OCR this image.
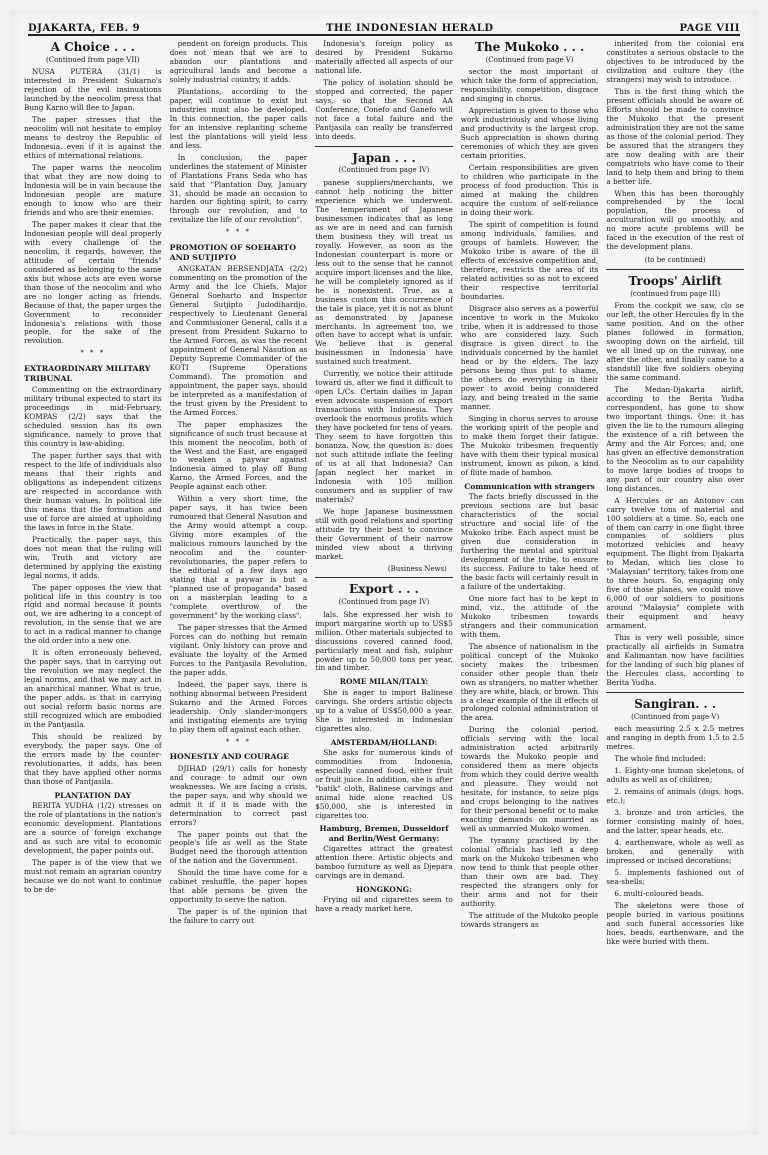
DJAKARTA, FEB. 9	THE INDONESIAN HERALD	PAGE VIII
A Choice . . .
(Continued from page VII)

NUSA PUTERA (31/1) is interested in President Sukarno's rejection of the evil insinuations launched by the neocolim press that Bung Karno will flee to Japan.

The paper stresses that the neocolim will not hesitate to employ means to destroy the Republic of Indonesia, even if it is against the ethics of international relations.

The paper warns the neocolim that what they are now doing to Indonesia will be in vain because the Indonesian people are mature enough to know who are their friends and who are their enemies.

The paper makes it clear that the Indonesian people will deal properly with every challenge of the neocolim, it regards, however, the attitude of certain "friends" considered as belonging to the same axis but whose acts are even worse than those of the neocolim and who are no longer acting as friends. Because of that, the paper urges the Government to reconsider Indonesia's relations with those people, for the sake of the revolution.

* * *
EXTRAORDINARY MILITARY TRIBUNAL

Commenting on the extraordinary military tribunal expected to start its proceedings in mid-February, KOMPAS (2/2) says that the scheduled session has its own significance, namely to prove that this country is law-abiding.

The paper further says that with respect to the life of individuals also means that their rights and obligations as independent citizens are respected in accordance with their human values. In political life this means that the formation and use of force are aimed at upholding the laws in force in the State.

Practically, the paper says, this does not mean that the ruling will win, Truth and victory are determined by applying the existing legal norms, it adds.

The paper opposes the view that political life in this country is too rigid and normal because it points out, we are adhering to a concept of revolution, in the sense that we are to act in a radical manner to change the old order into a new one.

It is often erroneously believed, the paper says, that in carrying out the revolution we may neglect the legal norms, and that we may act in an anarchical manner. What is true, the paper adds, is that in carrying out social reform basic norms are still recognized which are embodied in the Pantjasila.

This should be realized by everybody, the paper says. One of the errors made by the counter-revolutionaries, it adds, has been that they have applied other norms than those of Pantjasila.

PLANTATION DAY

BERITA YUDHA (1/2) stresses on the role of plantations in the nation's economic development. Plantations are a source of foreign exchange and as such are vital to economic development, the paper points out.

The paper is of the view that we must not remain an agrarian country because we do not want to continue to be de-

pendent on foreign products. This does not mean that we are to abandon our plantations and agricultural lands and become a solely industrial country, it adds.

Plantations, according to the paper, will continue to exist but industries must also be developed. In this connection, the paper calls for an intensive replanting scheme lest the plantations will yield less and less.

In conclusion, the paper underlines the statement of Minister of Plantations Frans Seda who has said that "Plantation Day, January 31, should be made an occasion to harden our fighting spirit, to carry through our revolution, and to revitalize the life of our revolution".

* * *
PROMOTION OF SOEHARTO AND SUTJIPTO

ANGKATAN BERSENDJATA (2/2) commenting on the promotion of the Army and the Ice Chiefs, Major General Soeharto and Inspector General Sutjipto Judodihardjo, respectively to Lieutenant General and Commissioner General, calls it a present from President Sukarno to the Armed Forces, as was the recent appointment of General Nasution as Deputy Supreme Commander of the KOTI (Supreme Operations Command). The promotion and appointment, the paper says, should be interpreted as a manifestation of the trust given by the President to the Armed Forces.

The paper emphasizes the significance of such trust because at this moment the neocolim, both of the West and the East, are engaged to weaken a paywar against Indonesia aimed to play off Bung Karno, the Armed Forces, and the People against each other.

Within a very short time, the paper says, it has twice been rumoured that General Nasution and the Army would attempt a coup. Giving more examples of the malicious rumours launched by the neocolim and the counter-revolutionaries, the paper refers to the editorial of a few days ago stating that a paywar is but a "planned use of propaganda" based on a masterplan leading to a "complete overthrow of the government" by the working class".

The paper stresses that the Armed Forces can do nothing but remain vigilant. Only history can prove and evaluate the loyalty of the Armed Forces to the Pantjasila Revolution, the paper adds.

Indeed, the paper says, there is nothing abnormal between President Sukarno and the Armed Forces leadership. Only slander-mongers and instigating elements are trying to play them off against each other.

* * *
HONESTLY AND COURAGE

DJIHAD (29/1) calls for honesty and courage to admit our own weaknesses. We are facing a crisis, the paper says, and why should we admit it if it is made with the determination to correct past errors?

The paper points out that the people's life as well as the State Budget need the thorough attention of the nation and the Government.

Should the time have come for a cabinet reshuffle, the paper hopes that able persons be given the opportunity to serve the nation.

The paper is of the opinion that the failure to carry out

Indonesia's foreign policy as desired by President Sukarno materially affected all aspects of our national life.

The policy of isolation should be stopped and corrected, the paper says, so that the Second AA Conference, Conefo and Ganefo will not face a total failure and the Pantjasila can really be transferred into deeds.

Japan . . .
(Continued from page IV)

panese suppliers/merchants, we cannot help noticing the bitter experience which we underwent. The temperament of Japanese businessmen indicates that as long as we are in need and can furnish them business they will treat us royally. However, as soon as the Indonesian counterpart is more or less out to the sense that he cannot acquire import licenses and the like, he will be completely ignored as if he is nonexistent. True, as a business custom this occurrence of the tale is place, yet it is not as blunt as demonstrated by Japanese merchants. In agreement too, we often have to accept what is unfair. We believe that is general businessmen in Indonesia have sustained such treatment.

Currently, we notice their attitude toward us, after we find it difficult to open L/Cs. Certain dailies in Japan even advocate suspension of export transactions with Indonesia. They overlook the enormous profits which they have pocketed for tens of years. They seem to have forgotten this bonanza. Now, the question is: does not such attitude inflate the feeling of us at all that Indonesia? Can Japan neglect her market in Indonesia with 105 million consumers and as supplier of raw materials?

We hope Japanese businessmen still with good relations and sporting attitude try their best to convince their Government of their narrow minded view about a thriving market.

(Business News)
Export . . .
(Continued from page IV)

lals. She expressed her wish to import margarine worth up to US$5 million. Other materials subjected to discussions covered canned food, particularly meat and fish, sulphur powder up to 50,000 tons per year, tin and timber.

ROME MILAN/ITALY:

She is eager to import Balinese carvings. She orders artistic objects up to a value of US$50,000 a year. She is interested in Indonesian cigarettes also.

AMSTERDAM/HOLLAND:

She asks for numerous kinds of commodities from Indonesia, especially canned food, either fruit or fruit juice. In addition, she is after "batik" cloth, Balinese carvings and animal hide alone reached US $50,000, she is interested in cigarettes too.

Hamburg, Bremen, Dusseldorf and Berlin/West Germany:

Cigarettes attract the greatest attention there. Artistic objects and bamboo furniture as well as Djepara carvings are in demand.

HONGKONG:

Frying oil and cigarettes seem to have a ready market here.

The Mukoko . . .
(Continued from page V)

sector the most important of which take the form of appreciation, responsibility, competition, disgrace and singing in chorus.

Appreciation is given to those who work industriously and whose living and productivity is the largest crop. Such appreciation is shown during ceremonies of which they are given certain priorities.

Certain responsibilities are given to children who participate in the process of food production. This is aimed at making the children acquire the custom of self-reliance in doing their work.

The spirit of competition is found among individuals, families, and groups of hamlets. However, the Mukoko tribe is aware of the ill effects of excessive competition and, therefore, restricts the area of its related activities so as not to exceed their respective territorial boundaries.

Disgrace also serves as a powerful incentive to work in the Mukoko tribe, when it is addressed to those who are considered lazy. Such disgrace is given direct to the individuals concerned by the hamlet head or by the elders. The lazy persons being thus put to shame, the others do everything in their power to avoid being considered lazy, and being treated in the same manner.

Singing in chorus serves to arouse the working spirit of the people and to make them forget their fatigue. The Mukoko tribesmen frequently have with them their typical musical instrument, known as pikon, a kind of flute made of bamboo.

Communication with strangers

The facts briefly discussed in the previous sections are but basic characteristics of the social structure and social life of the Mukoko tribe. Each aspect must be given due consideration in furthering the mental and spiritual development of the tribe, to ensure its success. Failure to take heed of the basic facts will certainly result in a failure of the undertaking.

One more fact has to be kept in mind, viz., the attitude of the Mukoko tribesmen towards strangers and their communication with them.

The absence of nationalism in the political concept of the Mukoko society makes the tribesmen consider other people than their own as strangers, no matter whether they are white, black, or brown. This is a clear example of the ill effects of prolonged colonial administration of the area.

During the colonial period, officials serving with the local administration acted arbitrarily towards the Mukoko people and considered them as mere objects from which they could derive wealth and pleasure. They would not hesitate, for instance, to seize pigs and crops belonging to the natives for their personal benefit or to make exacting demands on married as well as unmarried Mukoko women.

The tyranny practised by the colonial officials has left a deep mark on the Mukoko tribesmen who now tend to think that people other than their own are bad. They respected the strangers only for their arms and not for their authority.

The attitude of the Mukoko people towards strangers as

inherited from the colonial era constitutes a serious obstacle to the objectives to be introduced by the civilization and culture they (the strangers) may wish to introduce.

This is the first thing which the present officials should be aware of. Efforts should be made to convince the Mukoko that the present administration they are not the same as those of the colonial period. They be assured that the strangers they are now dealing with are their compatriots who have come to their land to help them and bring to them a better life.

When this has been thoroughly comprehended by the local population, the process of acculturation will go smoothly, and no more acute problems will be faced in the execution of the rest of the development plans.

(to be continued)
Troops' Airlift
(continued from page III)

From the cockpit we saw, clo se our left, the other Hercules fly in the same position. And on the other planes followed in formation, swooping down on the airfield, till we all lined up on the runway, one after the other, and finally came to a standstill like five soldiers obeying the same command.

The Medan-Djakarta airlift, according to the Berita Yudha correspondent, has gone to show two important things. One: it has given the lie to the rumours alleging the existence of a rift between the Army and the Air Forces; and, one has given an effective demonstration to the Neocolim as to our capability to move large bodies of troops to any part of our country also over long distances.

A Hercules or an Antonov can carry twelve tons of material and 100 soldiers at a time. So, each one of them can carry in one flight three companies of soldiers plus motorized vehicles and heavy equipment. The flight from Djakarta to Medan, which lies close to "Malaysian" territory, takes from one to three hours. So, engaging only five of those planes, we could move 6,000 of our soldiers to positions around "Malaysia" complete with their equipment and heavy armament.

This is very well possible, since practically all airfields in Sumatra and Kalimantan now have facilities for the landing of such big planes of the Hercules class, according to Berita Yudha.

Sangiran. . .
(Continued from page V)

each measuring 2.5 x 2.5 metres and ranging in depth from 1.5 to 2.5 metres.

The whole find included:

1. Eighty-one human skeletons, of adults as well as of children;

2. remains of animals (dogs, hogs, etc.);

3. bronze and iron articles, the former consisting mainly of hoes, and the latter, spear heads, etc.

4. earthenware, whole as well as broken, and generally with impressed or incised decorations;

5. implements fashioned out of sea-shells;

6. multi-coloured beads.

The skeletons were those of people buried in various positions and such funeral accessories like hoes, beads, earthenware, and the like were buried with them.
